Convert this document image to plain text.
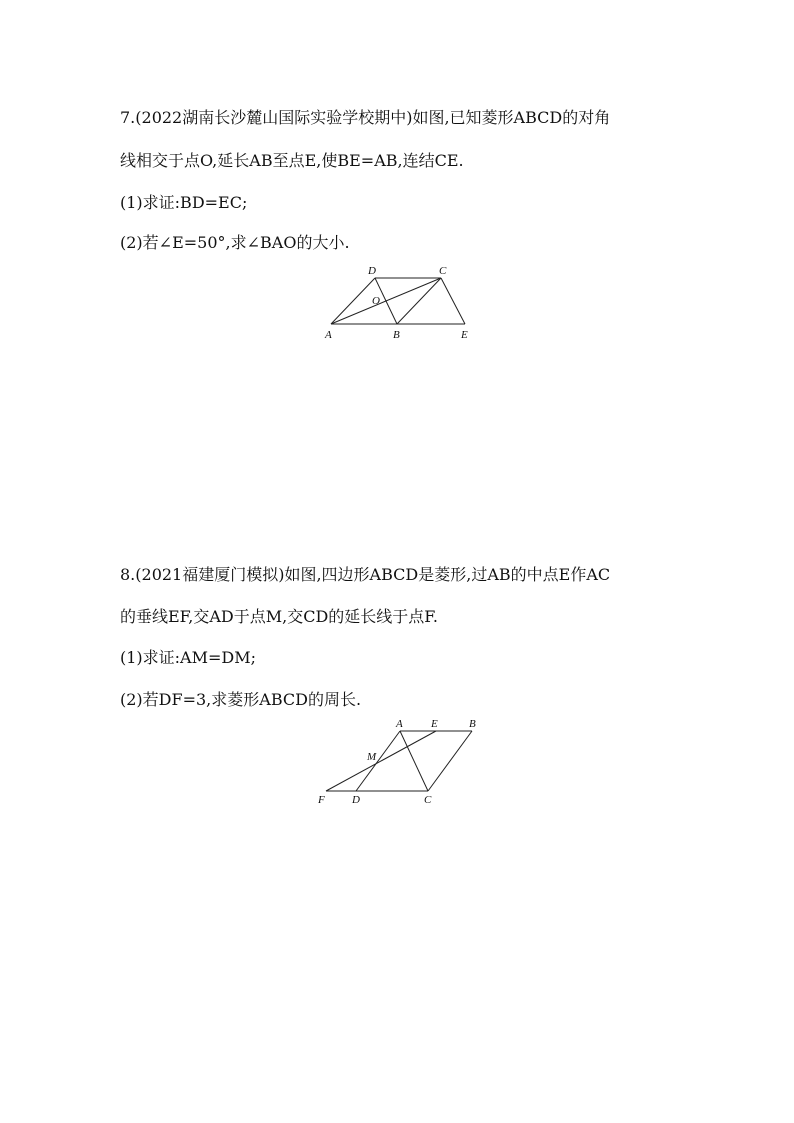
7.(2022湖南长沙麓山国际实验学校期中)如图,已知菱形ABCD的对角
线相交于点O,延长AB至点E,使BE=AB,连结CE.
(1)求证:BD=EC;
(2)若∠E=50°,求∠BAO的大小.
D	C
O
A	B	E
8.(2021福建厦门模拟)如图,四边形ABCD是菱形,过AB的中点E作AC
的垂线EF,交AD于点M,交CD的延长线于点F.
(1)求证:AM=DM;
(2)若DF=3,求菱形ABCD的周长.
A	E	B
M
F D	C
